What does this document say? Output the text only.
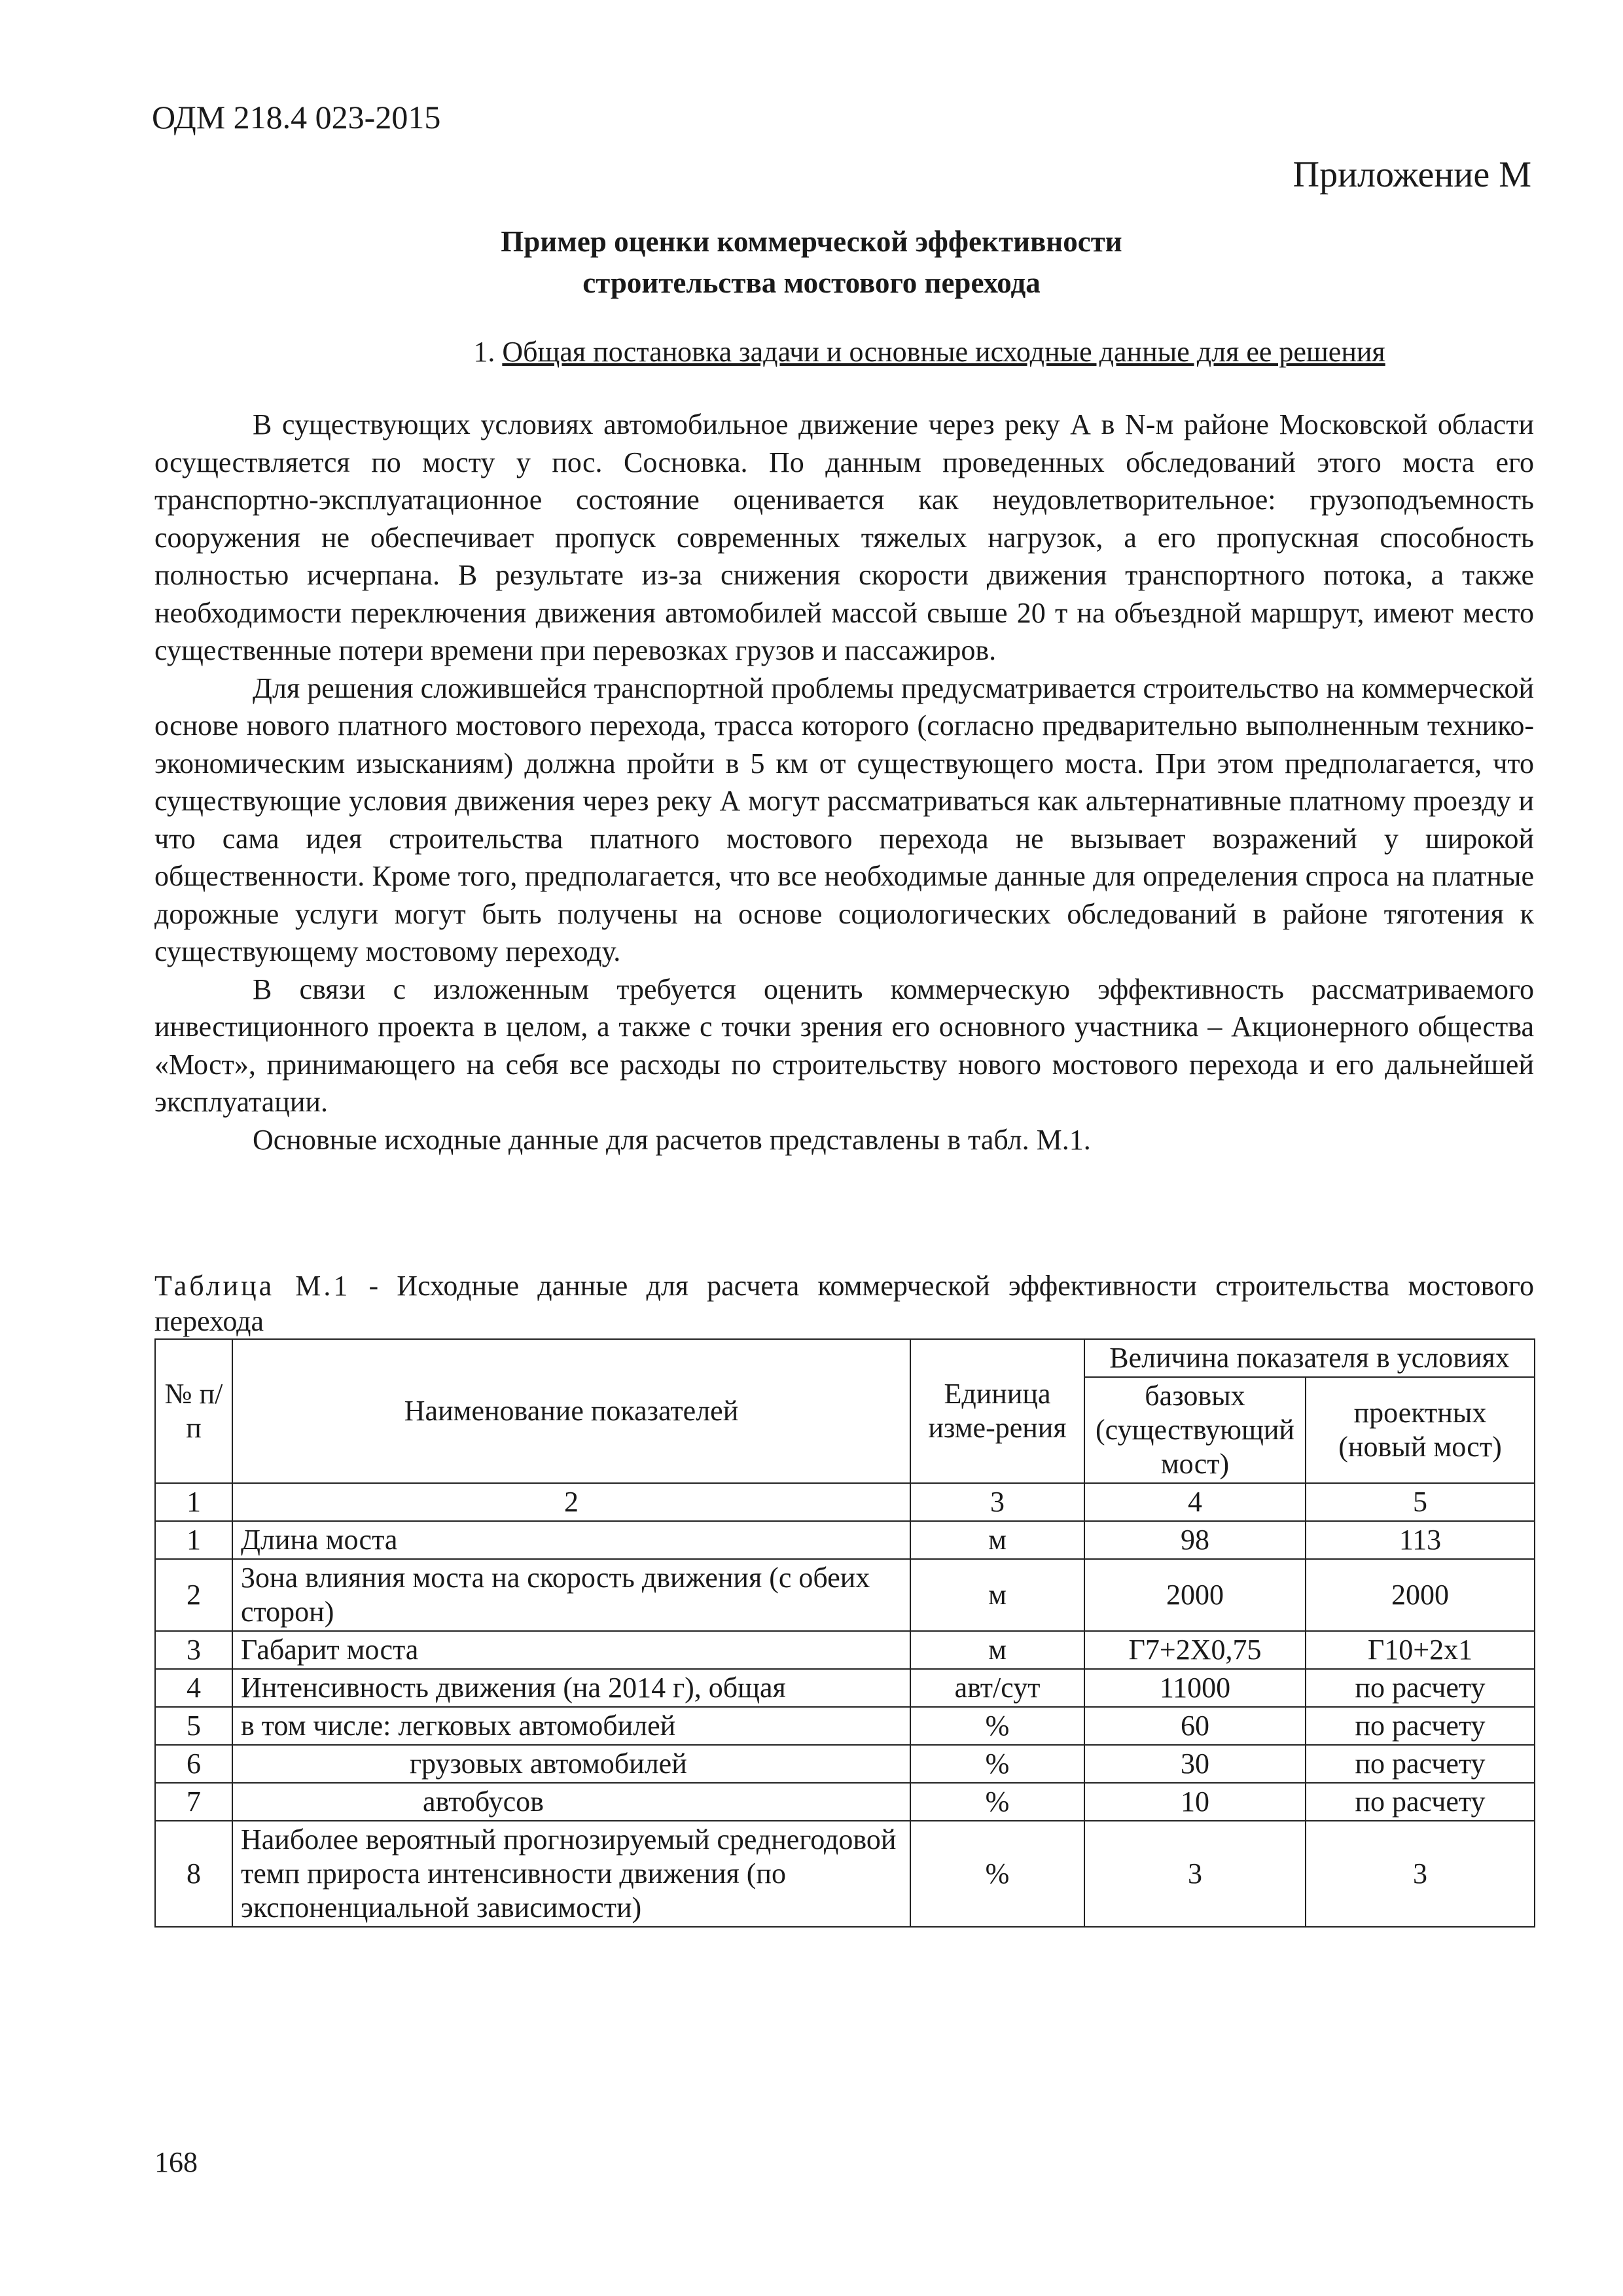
ОДМ 218.4 023-2015
Приложение М
Пример оценки коммерческой эффективности
строительства мостового перехода
1. Общая постановка задачи и основные исходные данные для ее решения

В существующих условиях автомобильное движение через реку А в N-м районе Московской области осуществляется по мосту у пос. Сосновка. По данным проведенных обследований этого моста его транспортно-эксплуатационное состояние оценивается как неудовлетворительное: грузоподъемность сооружения не обеспечивает пропуск современных тяжелых нагрузок, а его пропускная способность полностью исчерпана. В результате из-за снижения скорости движения транспортного потока, а также необходимости переключения движения автомобилей массой свыше 20 т на объездной маршрут, имеют место существенные потери времени при перевозках грузов и пассажиров.

Для решения сложившейся транспортной проблемы предусматривается строительство на коммерческой основе нового платного мостового перехода, трасса которого (согласно предварительно выполненным технико-экономическим изысканиям) должна пройти в 5 км от существующего моста. При этом предполагается, что существующие условия движения через реку А могут рассматриваться как альтернативные платному проезду и что сама идея строительства платного мостового перехода не вызывает возражений у широкой общественности. Кроме того, предполагается, что все необходимые данные для определения спроса на платные дорожные услуги могут быть получены на основе социологических обследований в районе тяготения к существующему мостовому переходу.

В связи с изложенным требуется оценить коммерческую эффективность рассматриваемого инвестиционного проекта в целом, а также с точки зрения его основного участника – Акционерного общества «Мост», принимающего на себя все расходы по строительству нового мостового перехода и его дальнейшей эксплуатации.

Основные исходные данные для расчетов представлены в табл. М.1.

Таблица М.1 - Исходные данные для расчета коммерческой эффективности строительства мостового перехода
№ п/п	Наименование показателей	Единица изме-рения	Величина показателя в условиях	
			базовых (существующий мост)	проектных (новый мост)
1	2	3	4	5
1	Длина моста	м	98	113
2	Зона влияния моста на скорость движения (с обеих сторон)	м	2000	2000
3	Габарит моста	м	Г7+2Х0,75	Г10+2х1
4	Интенсивность движения (на 2014 г), общая	авт/сут	11000	по расчету
5	в том числе: легковых автомобилей	%	60	по расчету
6	грузовых автомобилей	%	30	по расчету
7	автобусов	%	10	по расчету
8	Наиболее вероятный прогнозируемый среднегодовой темп прироста интенсивности движения (по экспоненциальной зависимости)	%	3	3
168
